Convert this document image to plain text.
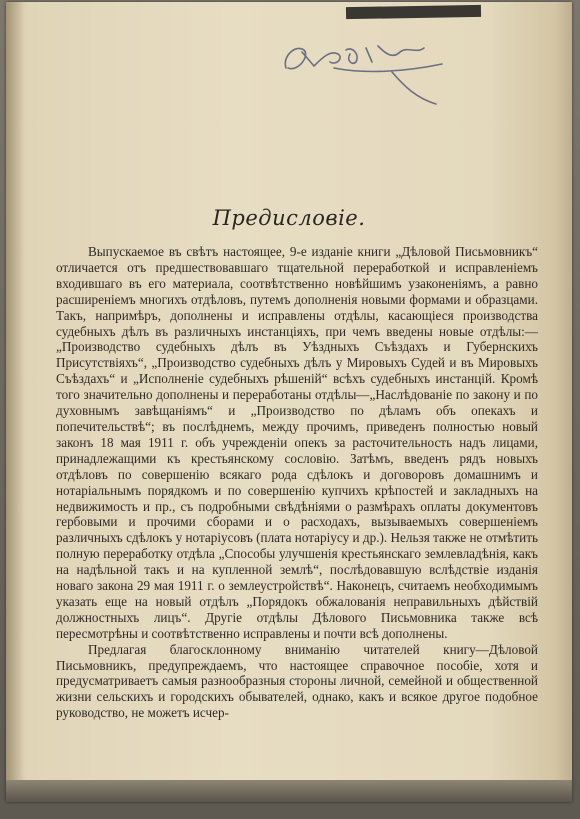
Предисловіе.

Выпускаемое въ свѣтъ настоящее, 9-е изданіе книги „Дѣловой Письмовникъ“ отличается отъ предшествовавшаго тщательной переработкой и исправленіемъ входившаго въ его материала, соотвѣтственно новѣйшимъ узаконеніямъ, а равно расширеніемъ многихъ отдѣловъ, путемъ дополненія новыми формами и образцами. Такъ, напримѣръ, дополнены и исправлены отдѣлы, касающіеся производства судебныхъ дѣлъ въ различныхъ инстанціяхъ, при чемъ введены новые отдѣлы:—„Производство судебныхъ дѣлъ въ Уѣздныхъ Съѣздахъ и Губернскихъ Присутствіяхъ“, „Производство судебныхъ дѣлъ у Мировыхъ Судей и въ Мировыхъ Съѣздахъ“ и „Исполненіе судебныхъ рѣшеній“ всѣхъ судебныхъ инстанцій. Кромѣ того значительно дополнены и переработаны отдѣлы—„Наслѣдованіе по закону и по духовнымъ завѣщаніямъ“ и „Производство по дѣламъ объ опекахъ и попечительствѣ“; въ послѣднемъ, между прочимъ, приведенъ полностью новый законъ 18 мая 1911 г. объ учрежденіи опекъ за расточительность надъ лицами, принадлежащими къ крестьянскому сословію. Затѣмъ, введенъ рядъ новыхъ отдѣловъ по совершенію всякаго рода сдѣлокъ и договоровъ домашнимъ и нотаріальнымъ порядкомъ и по совершенію купчихъ крѣпостей и закладныхъ на недвижимость и пр., съ подробными свѣдѣніями о размѣрахъ оплаты документовъ гербовыми и прочими сборами и о расходахъ, вызываемыхъ совершеніемъ различныхъ сдѣлокъ у нотаріусовъ (плата нотаріусу и др.). Нельзя также не отмѣтить полную переработку отдѣла „Способы улучшенія крестьянскаго землевладѣнія, какъ на надѣльной такъ и на купленной землѣ“, послѣдовавшую вслѣдствіе изданія новаго закона 29 мая 1911 г. о землеустройствѣ“. Наконецъ, считаемъ необходимымъ указать еще на новый отдѣлъ „Порядокъ обжалованія неправильныхъ дѣйствій должностныхъ лицъ“. Другіе отдѣлы Дѣлового Письмовника также всѣ пересмотрѣны и соотвѣтственно исправлены и почти всѣ дополнены.

Предлагая благосклонному вниманію читателей книгу—Дѣловой Письмовникъ, предупреждаемъ, что настоящее справочное пособіе, хотя и предусматриваетъ самыя разнообразныя стороны личной, семейной и общественной жизни сельскихъ и городскихъ обывателей, однако, какъ и всякое другое подобное руководство, не можетъ исчер-
